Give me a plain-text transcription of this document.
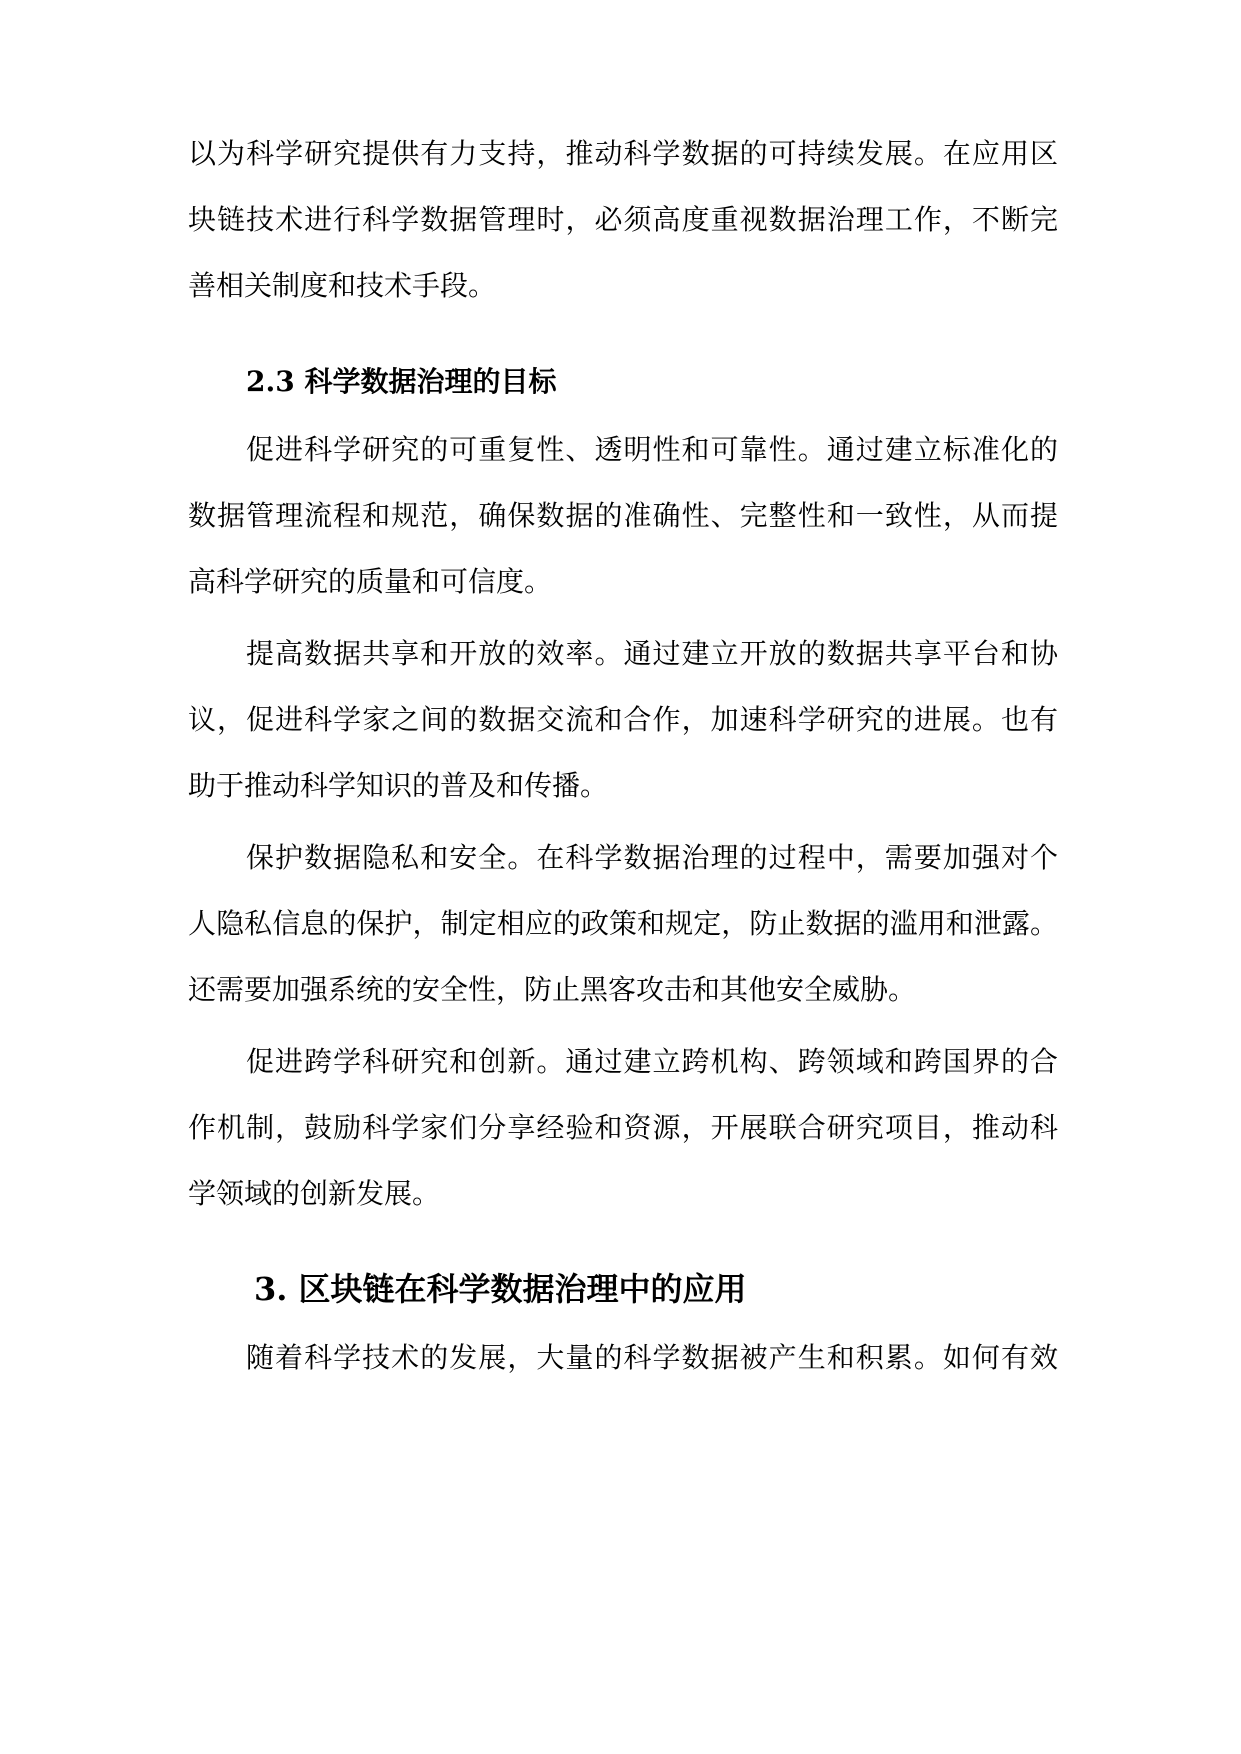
以为科学研究提供有力支持，推动科学数据的可持续发展。在应用区
块链技术进行科学数据管理时，必须高度重视数据治理工作，不断完
善相关制度和技术手段。
2.3 科学数据治理的目标
促进科学研究的可重复性、透明性和可靠性。通过建立标准化的
数据管理流程和规范，确保数据的准确性、完整性和一致性，从而提
高科学研究的质量和可信度。
提高数据共享和开放的效率。通过建立开放的数据共享平台和协
议，促进科学家之间的数据交流和合作，加速科学研究的进展。也有
助于推动科学知识的普及和传播。
保护数据隐私和安全。在科学数据治理的过程中，需要加强对个
人隐私信息的保护，制定相应的政策和规定，防止数据的滥用和泄露。
还需要加强系统的安全性，防止黑客攻击和其他安全威胁。
促进跨学科研究和创新。通过建立跨机构、跨领域和跨国界的合
作机制，鼓励科学家们分享经验和资源，开展联合研究项目，推动科
学领域的创新发展。
3. 区块链在科学数据治理中的应用
随着科学技术的发展，大量的科学数据被产生和积累。如何有效
